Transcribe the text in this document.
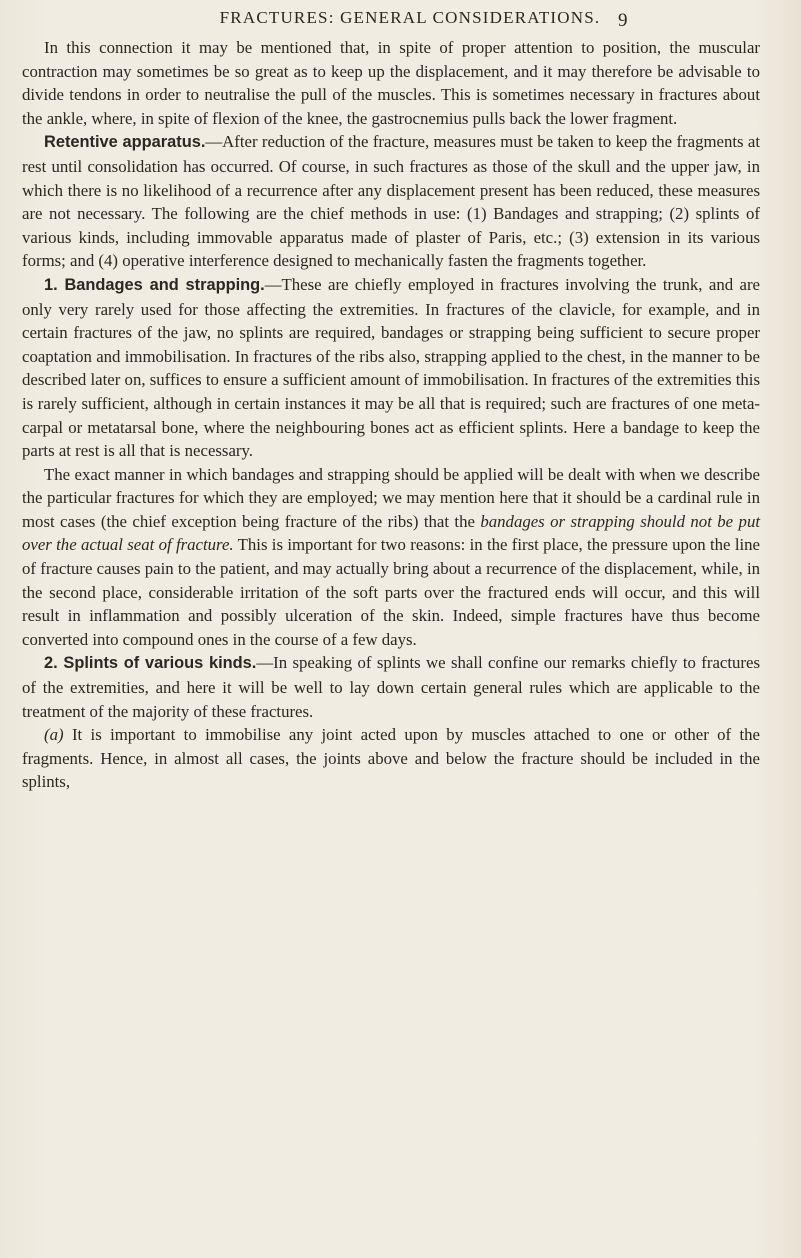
FRACTURES: GENERAL CONSIDERATIONS. 9

In this connection it may be mentioned that, in spite of proper attention to position, the muscular contraction may sometimes be so great as to keep up the displacement, and it may therefore be advisable to divide tendons in order to neutralise the pull of the muscles. This is sometimes necessary in fractures about the ankle, where, in spite of flexion of the knee, the gastrocnemius pulls back the lower fragment.

Retentive apparatus.—After reduction of the fracture, measures must be taken to keep the fragments at rest until consolidation has occurred. Of course, in such fractures as those of the skull and the upper jaw, in which there is no likelihood of a recurrence after any displacement present has been reduced, these measures are not necessary. The following are the chief methods in use: (1) Bandages and strapping; (2) splints of various kinds, including immovable apparatus made of plaster of Paris, etc.; (3) extension in its various forms; and (4) operative interference designed to mechanically fasten the fragments together.

1. Bandages and strapping.—These are chiefly employed in fractures involving the trunk, and are only very rarely used for those affecting the extremities. In fractures of the clavicle, for example, and in certain fractures of the jaw, no splints are required, bandages or strapping being sufficient to secure proper coaptation and immobilisation. In fractures of the ribs also, strapping applied to the chest, in the manner to be described later on, suffices to ensure a sufficient amount of immobilisation. In fractures of the extremities this is rarely sufficient, although in certain instances it may be all that is required; such are fractures of one meta-carpal or metatarsal bone, where the neighbouring bones act as efficient splints. Here a bandage to keep the parts at rest is all that is necessary.

The exact manner in which bandages and strapping should be applied will be dealt with when we describe the particular fractures for which they are employed; we may mention here that it should be a cardinal rule in most cases (the chief exception being fracture of the ribs) that the bandages or strapping should not be put over the actual seat of fracture. This is important for two reasons: in the first place, the pressure upon the line of fracture causes pain to the patient, and may actually bring about a recurrence of the displacement, while, in the second place, considerable irritation of the soft parts over the fractured ends will occur, and this will result in inflammation and possibly ulceration of the skin. Indeed, simple fractures have thus become converted into compound ones in the course of a few days.

2. Splints of various kinds.—In speaking of splints we shall confine our remarks chiefly to fractures of the extremities, and here it will be well to lay down certain general rules which are applicable to the treatment of the majority of these fractures.

(a) It is important to immobilise any joint acted upon by muscles attached to one or other of the fragments. Hence, in almost all cases, the joints above and below the fracture should be included in the splints,
